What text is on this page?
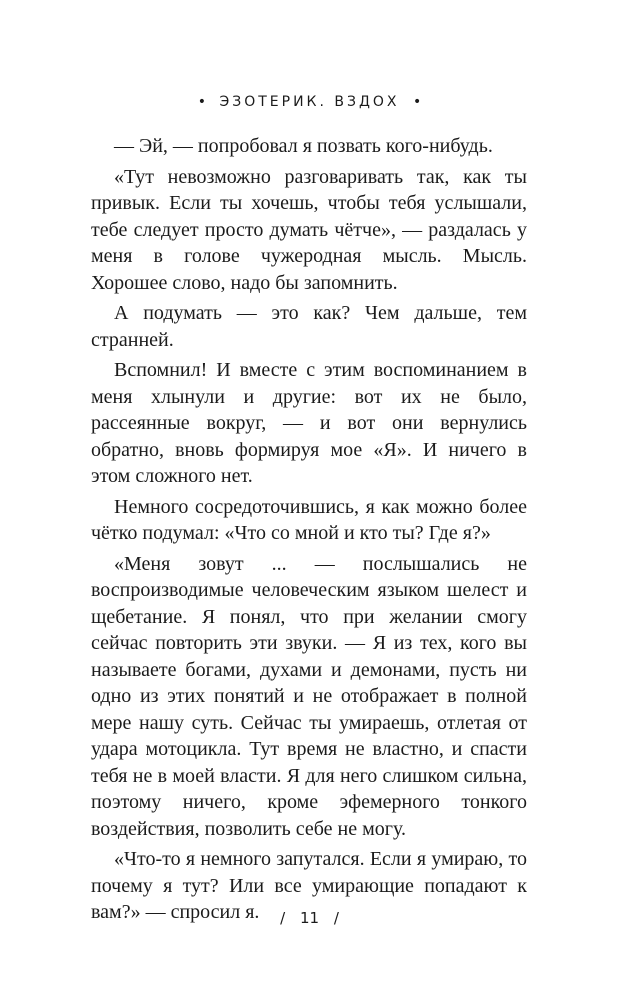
• ЭЗОТЕРИК. ВЗДОХ •

— Эй, — попробовал я позвать кого-нибудь.

«Тут невозможно разговаривать так, как ты привык. Если ты хочешь, чтобы тебя услышали, тебе следует просто думать чётче», — раздалась у меня в голове чужеродная мысль. Мысль. Хорошее слово, надо бы запомнить.

А подумать — это как? Чем дальше, тем странней.

Вспомнил! И вместе с этим воспоминанием в меня хлынули и другие: вот их не было, рассеянные вокруг, — и вот они вернулись обратно, вновь формируя мое «Я». И ничего в этом сложного нет.

Немного сосредоточившись, я как можно более чётко подумал: «Что со мной и кто ты? Где я?»

«Меня зовут ... — послышались не воспроизводимые человеческим языком шелест и щебетание. Я понял, что при желании смогу сейчас повторить эти звуки. — Я из тех, кого вы называете богами, духами и демонами, пусть ни одно из этих понятий и не отображает в полной мере нашу суть. Сейчас ты умираешь, отлетая от удара мотоцикла. Тут время не властно, и спасти тебя не в моей власти. Я для него слишком сильна, поэтому ничего, кроме эфемерного тонкого воздействия, позволить себе не могу.

«Что-то я немного запутался. Если я умираю, то почему я тут? Или все умирающие попадают к вам?» — спросил я.	/ 11 /
